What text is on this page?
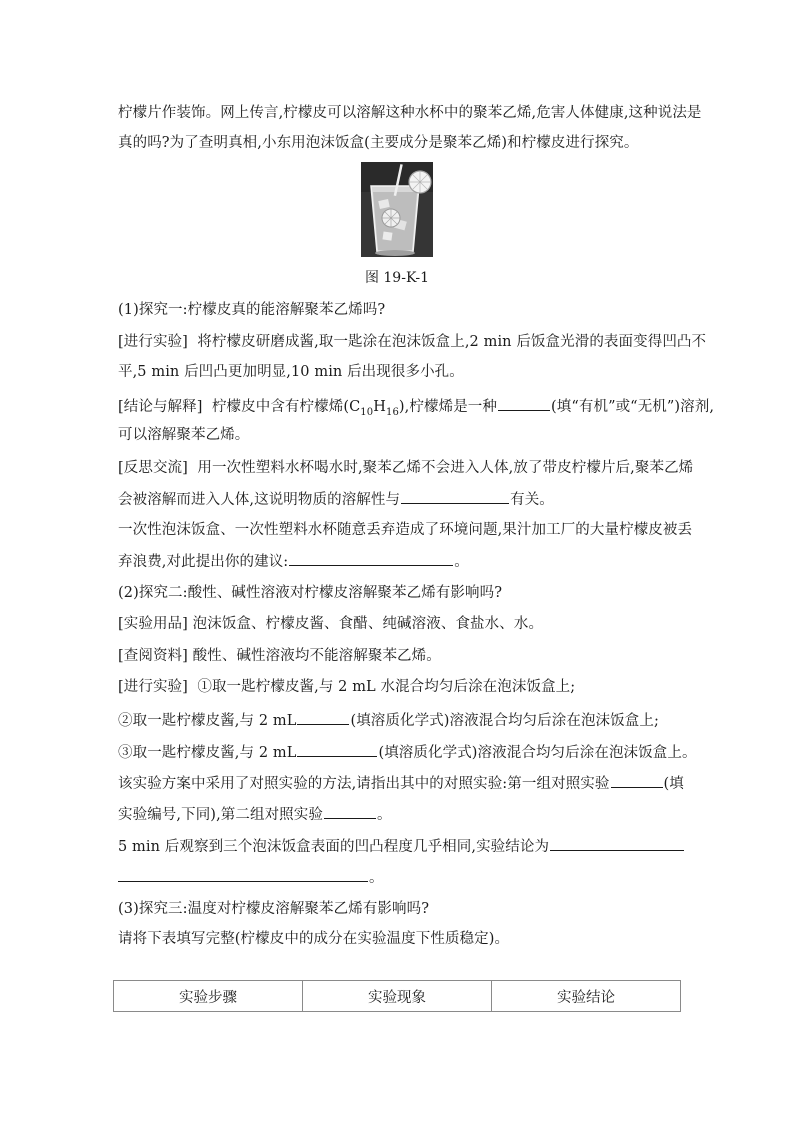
柠檬片作装饰。网上传言,柠檬皮可以溶解这种水杯中的聚苯乙烯,危害人体健康,这种说法是
真的吗?为了查明真相,小东用泡沫饭盒(主要成分是聚苯乙烯)和柠檬皮进行探究。
图 19-K-1
(1)探究一:柠檬皮真的能溶解聚苯乙烯吗?
[进行实验] 将柠檬皮研磨成酱,取一匙涂在泡沫饭盒上,2 min 后饭盒光滑的表面变得凹凸不
平,5 min 后凹凸更加明显,10 min 后出现很多小孔。
[结论与解释] 柠檬皮中含有柠檬烯$(C_{10}H_{16})$,柠檬烯是一种	(填“有机”或“无机”)溶剂,
可以溶解聚苯乙烯。
[反思交流] 用一次性塑料水杯喝水时,聚苯乙烯不会进入人体,放了带皮柠檬片后,聚苯乙烯
会被溶解而进入人体,这说明物质的溶解性与	有关。
一次性泡沫饭盒、一次性塑料水杯随意丢弃造成了环境问题,果汁加工厂的大量柠檬皮被丢
弃浪费,对此提出你的建议:	。
(2)探究二:酸性、碱性溶液对柠檬皮溶解聚苯乙烯有影响吗?
[实验用品] 泡沫饭盒、柠檬皮酱、食醋、纯碱溶液、食盐水、水。
[查阅资料] 酸性、碱性溶液均不能溶解聚苯乙烯。
[进行实验] ①取一匙柠檬皮酱,与 2 mL 水混合均匀后涂在泡沫饭盒上;
②取一匙柠檬皮酱,与 2 mL	(填溶质化学式)溶液混合均匀后涂在泡沫饭盒上;
③取一匙柠檬皮酱,与 2 mL	(填溶质化学式)溶液混合均匀后涂在泡沫饭盒上。
该实验方案中采用了对照实验的方法,请指出其中的对照实验:第一组对照实验	(填
实验编号,下同),第二组对照实验	。
5 min 后观察到三个泡沫饭盒表面的凹凸程度几乎相同,实验结论为
。
(3)探究三:温度对柠檬皮溶解聚苯乙烯有影响吗?
请将下表填写完整(柠檬皮中的成分在实验温度下性质稳定)。
实验步骤	实验现象	实验结论
